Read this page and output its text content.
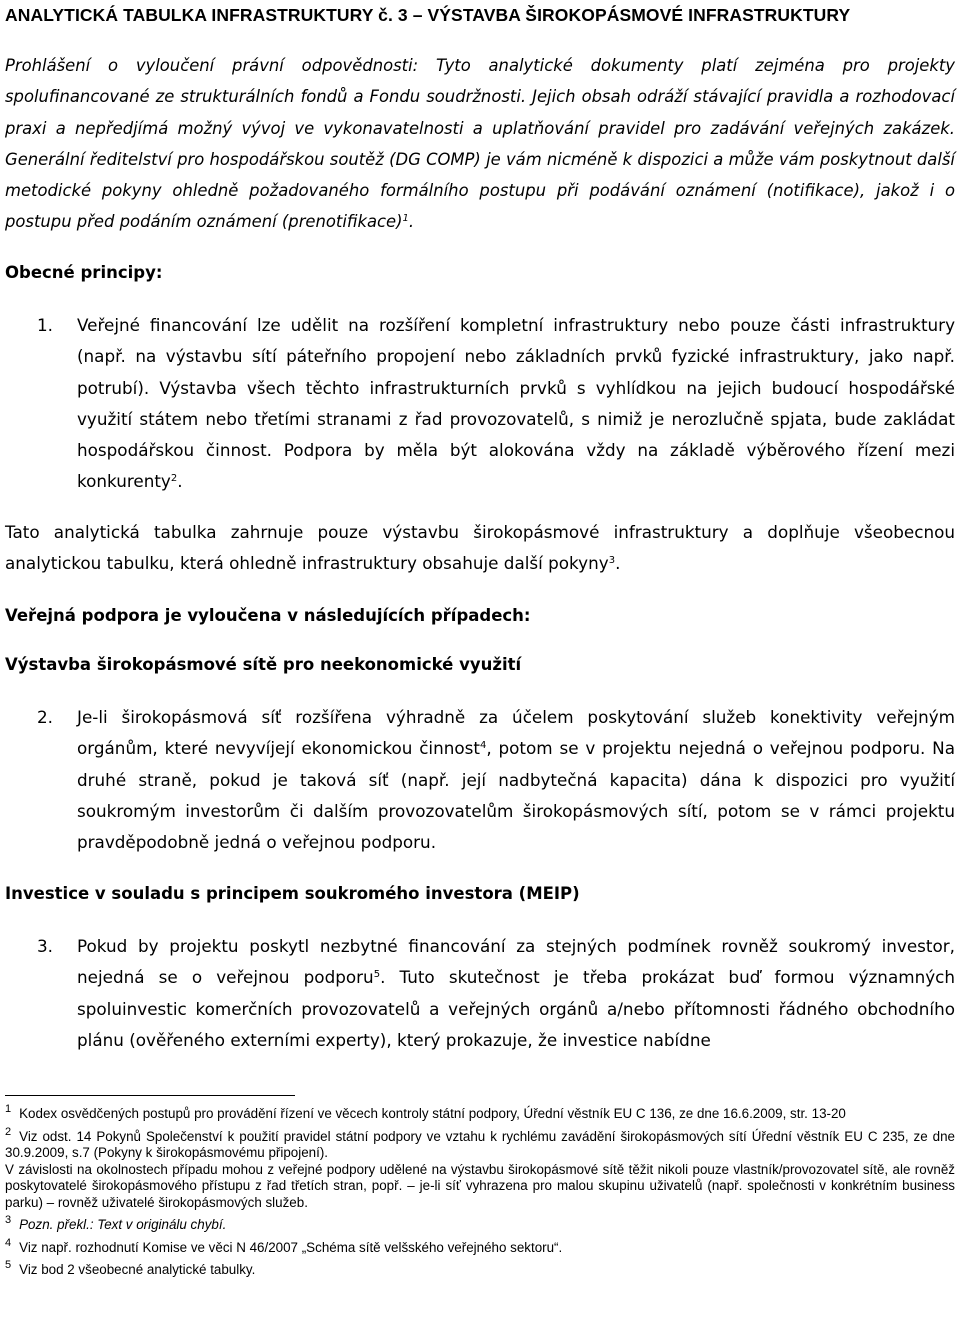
ANALYTICKÁ TABULKA INFRASTRUKTURY č. 3 – VÝSTAVBA ŠIROKOPÁSMOVÉ INFRASTRUKTURY
Prohlášení o vyloučení právní odpovědnosti: Tyto analytické dokumenty platí zejména pro projekty spolufinancované ze strukturálních fondů a Fondu soudržnosti. Jejich obsah odráží stávající pravidla a rozhodovací praxi a nepředjímá možný vývoj ve vykonavatelnosti a uplatňování pravidel pro zadávání veřejných zakázek. Generální ředitelství pro hospodářskou soutěž (DG COMP) je vám nicméně k dispozici a může vám poskytnout další metodické pokyny ohledně požadovaného formálního postupu při podávání oznámení (notifikace), jakož i o postupu před podáním oznámení (prenotifikace)$^1$.
Obecné principy:
1. Veřejné financování lze udělit na rozšíření kompletní infrastruktury nebo pouze části infrastruktury (např. na výstavbu sítí páteřního propojení nebo základních prvků fyzické infrastruktury, jako např. potrubí). Výstavba všech těchto infrastrukturních prvků s vyhlídkou na jejich budoucí hospodářské využití státem nebo třetími stranami z řad provozovatelů, s nimiž je nerozlučně spjata, bude zakládat hospodářskou činnost. Podpora by měla být alokována vždy na základě výběrového řízení mezi konkurenty$^2$.
Tato analytická tabulka zahrnuje pouze výstavbu širokopásmové infrastruktury a doplňuje všeobecnou analytickou tabulku, která ohledně infrastruktury obsahuje další pokyny$^3$.
Veřejná podpora je vyloučena v následujících případech:
Výstavba širokopásmové sítě pro neekonomické využití
2. Je-li širokopásmová síť rozšířena výhradně za účelem poskytování služeb konektivity veřejným orgánům, které nevyvíjejí ekonomickou činnost$^4$, potom se v projektu nejedná o veřejnou podporu. Na druhé straně, pokud je taková síť (např. její nadbytečná kapacita) dána k dispozici pro využití soukromým investorům či dalším provozovatelům širokopásmových sítí, potom se v rámci projektu pravděpodobně jedná o veřejnou podporu.
Investice v souladu s principem soukromého investora (MEIP)
3. Pokud by projektu poskytl nezbytné financování za stejných podmínek rovněž soukromý investor, nejedná se o veřejnou podporu$^5$. Tuto skutečnost je třeba prokázat buď formou významných spoluinvestic komerčních provozovatelů a veřejných orgánů a/nebo přítomnosti řádného obchodního plánu (ověřeného externími experty), který prokazuje, že investice nabídne
$^1$ Kodex osvědčených postupů pro provádění řízení ve věcech kontroly státní podpory, Úřední věstník EU C 136, ze dne 16.6.2009, str. 13-20
$^2$ Viz odst. 14 Pokynů Společenství k použití pravidel státní podpory ve vztahu k rychlému zavádění širokopásmových sítí Úřední věstník EU C 235, ze dne 30.9.2009, s.7 (Pokyny k širokopásmovému připojení).
V závislosti na okolnostech případu mohou z veřejné podpory udělené na výstavbu širokopásmové sítě těžit nikoli pouze vlastník/provozovatel sítě, ale rovněž poskytovatelé širokopásmového přístupu z řad třetích stran, popř. – je-li síť vyhrazena pro malou skupinu uživatelů (např. společnosti v konkrétním business parku) – rovněž uživatelé širokopásmových služeb.
$^3$ Pozn. překl.: Text v originálu chybí.
$^4$ Viz např. rozhodnutí Komise ve věci N 46/2007 „Schéma sítě velšského veřejného sektoru“.
$^5$ Viz bod 2 všeobecné analytické tabulky.
